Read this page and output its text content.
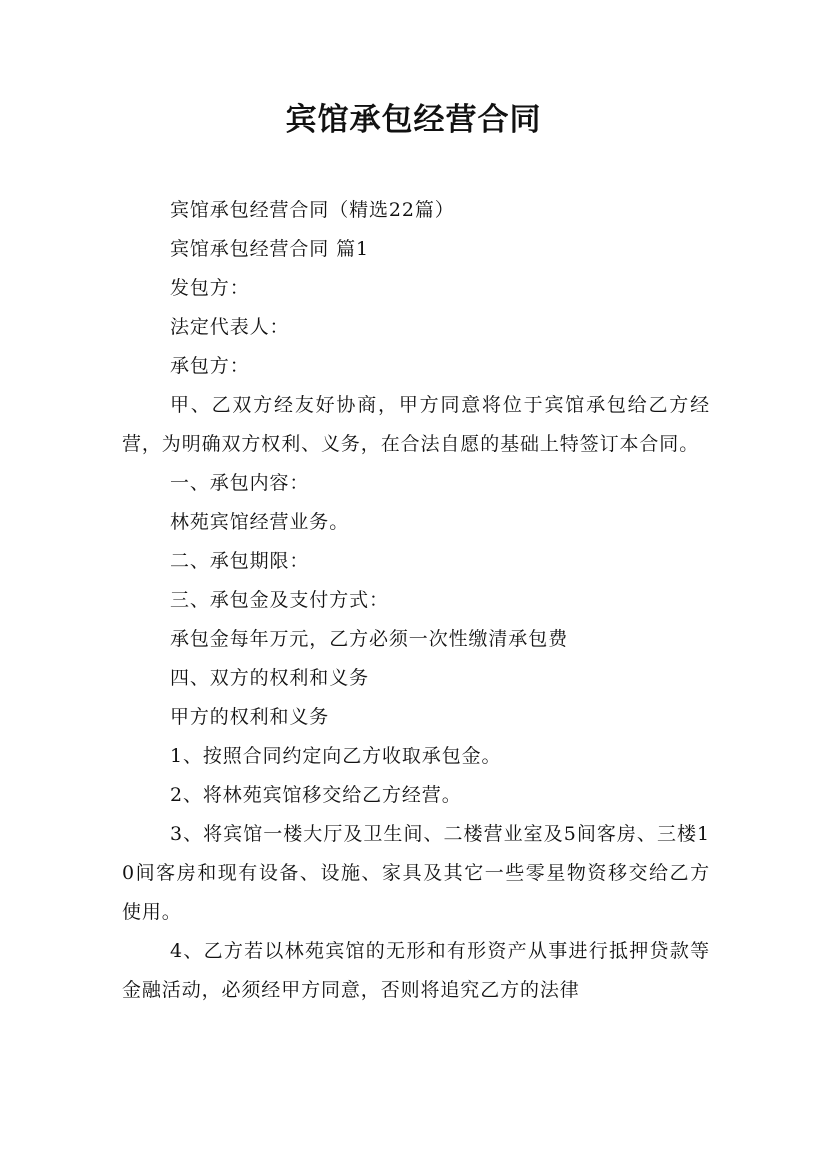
宾馆承包经营合同

宾馆承包经营合同（精选22篇）

宾馆承包经营合同 篇1

发包方：

法定代表人：

承包方：

甲、乙双方经友好协商，甲方同意将位于宾馆承包给乙方经营，为明确双方权利、义务，在合法自愿的基础上特签订本合同。

一、承包内容：

林苑宾馆经营业务。

二、承包期限：

三、承包金及支付方式：

承包金每年万元，乙方必须一次性缴清承包费

四、双方的权利和义务

甲方的权利和义务

1、按照合同约定向乙方收取承包金。

2、将林苑宾馆移交给乙方经营。

3、将宾馆一楼大厅及卫生间、二楼营业室及5间客房、三楼10间客房和现有设备、设施、家具及其它一些零星物资移交给乙方使用。

4、乙方若以林苑宾馆的无形和有形资产从事进行抵押贷款等金融活动，必须经甲方同意，否则将追究乙方的法律
